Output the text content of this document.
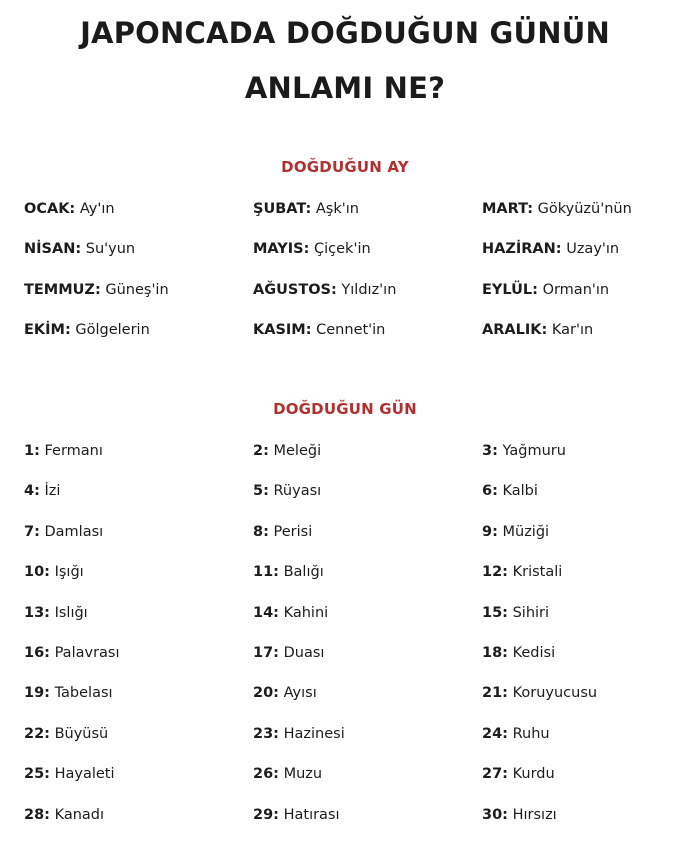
JAPONCADA DOĞDUĞUN GÜNÜN
ANLAMI NE?
DOĞDUĞUN AY
OCAK: Ay'ın	ŞUBAT: Aşk'ın	MART: Gökyüzü'nün
NİSAN: Su'yun	MAYIS: Çiçek'in	HAZİRAN: Uzay'ın
TEMMUZ: Güneş'in	AĞUSTOS: Yıldız'ın	EYLÜL: Orman'ın
EKİM: Gölgelerin	KASIM: Cennet'in	ARALIK: Kar'ın
DOĞDUĞUN GÜN
1: Fermanı	2: Meleği	3: Yağmuru
4: İzi	5: Rüyası	6: Kalbi
7: Damlası	8: Perisi	9: Müziği
10: Işığı	11: Balığı	12: Kristali
13: Islığı	14: Kahini	15: Sihiri
16: Palavrası	17: Duası	18: Kedisi
19: Tabelası	20: Ayısı	21: Koruyucusu
22: Büyüsü	23: Hazinesi	24: Ruhu
25: Hayaleti	26: Muzu	27: Kurdu
28: Kanadı	29: Hatırası	30: Hırsızı
